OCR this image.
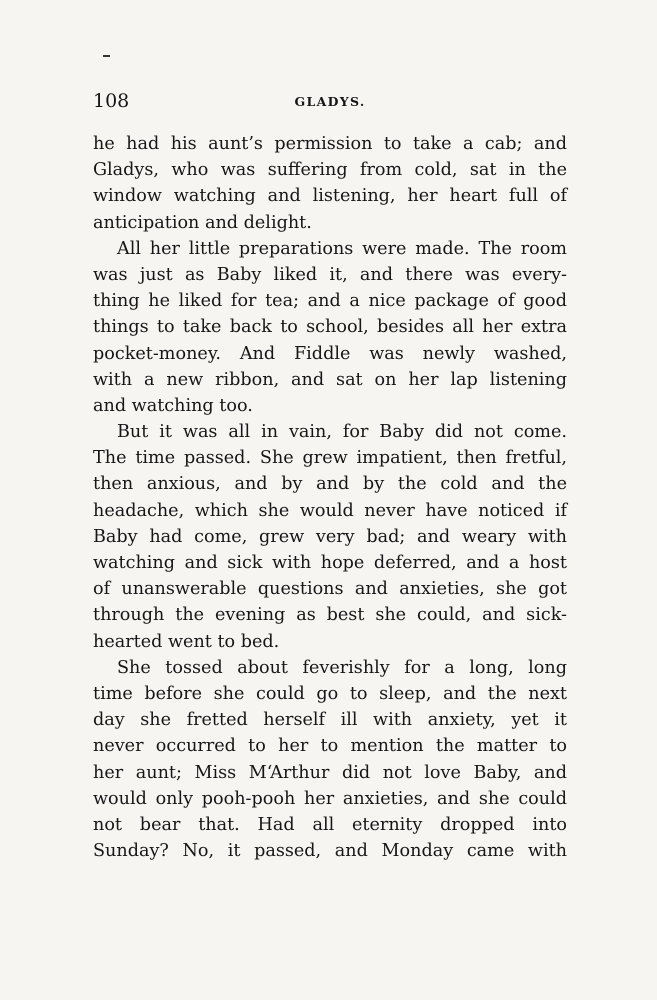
108	GLADYS.
he had his aunt’s permission to take a cab; and
Gladys, who was suffering from cold, sat in the
window watching and listening, her heart full of
anticipation and delight.
All her little preparations were made. The room
was just as Baby liked it, and there was every-
thing he liked for tea; and a nice package of good
things to take back to school, besides all her extra
pocket-money. And Fiddle was newly washed,
with a new ribbon, and sat on her lap listening
and watching too.
But it was all in vain, for Baby did not come.
The time passed. She grew impatient, then fretful,
then anxious, and by and by the cold and the
headache, which she would never have noticed if
Baby had come, grew very bad; and weary with
watching and sick with hope deferred, and a host
of unanswerable questions and anxieties, she got
through the evening as best she could, and sick-
hearted went to bed.
She tossed about feverishly for a long, long
time before she could go to sleep, and the next
day she fretted herself ill with anxiety, yet it
never occurred to her to mention the matter to
her aunt; Miss M‘Arthur did not love Baby, and
would only pooh-pooh her anxieties, and she could
not bear that. Had all eternity dropped into
Sunday? No, it passed, and Monday came with
